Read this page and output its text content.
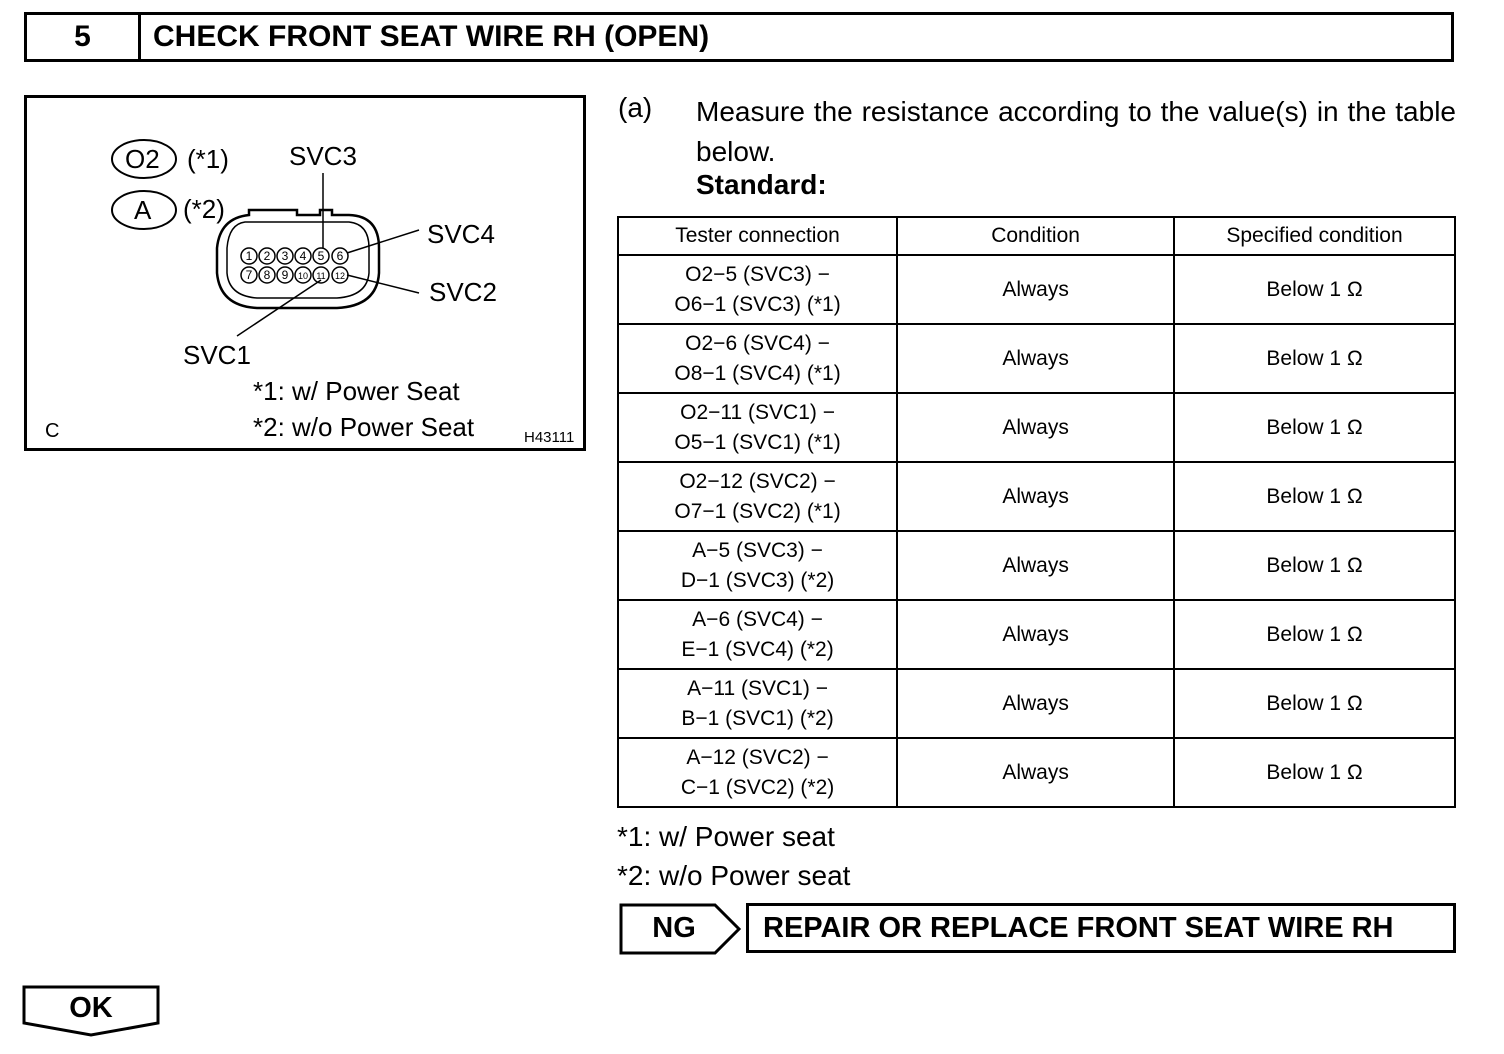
5	CHECK FRONT SEAT WIRE RH (OPEN)
1 2 3 4 5 6
7 8 9 10 11 12
O2 (*1)
A (*2)
SVC3
SVC4
SVC2
SVC1
*1: w/ Power Seat
*2: w/o Power Seat
C	H43111
(a) Measure the resistance according to the value(s) in the table below.
Standard:
Tester connection	Condition	Specified condition
O2−5 (SVC3) −
O6−1 (SVC3) (*1)	Always	Below 1 Ω
O2−6 (SVC4) −
O8−1 (SVC4) (*1)	Always	Below 1 Ω
O2−11 (SVC1) −
O5−1 (SVC1) (*1)	Always	Below 1 Ω
O2−12 (SVC2) −
O7−1 (SVC2) (*1)	Always	Below 1 Ω
A−5 (SVC3) −
D−1 (SVC3) (*2)	Always	Below 1 Ω
A−6 (SVC4) −
E−1 (SVC4) (*2)	Always	Below 1 Ω
A−11 (SVC1) −
B−1 (SVC1) (*2)	Always	Below 1 Ω
A−12 (SVC2) −
C−1 (SVC2) (*2)	Always	Below 1 Ω
*1: w/ Power seat
*2: w/o Power seat
NG	REPAIR OR REPLACE FRONT SEAT WIRE RH
OK
